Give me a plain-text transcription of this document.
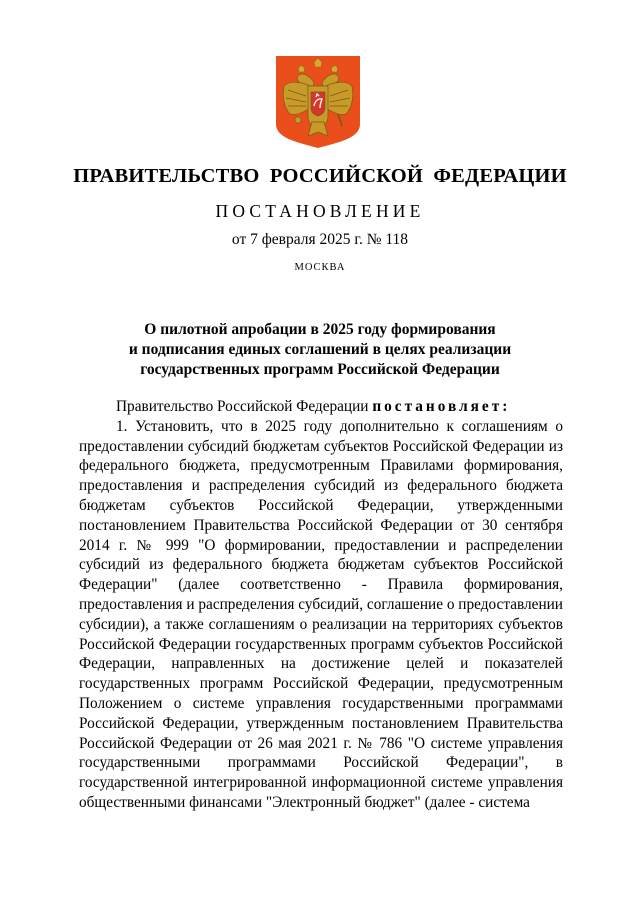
ПРАВИТЕЛЬСТВО РОССИЙСКОЙ ФЕДЕРАЦИИ
ПОСТАНОВЛЕНИЕ
от 7 февраля 2025 г. № 118
МОСКВА
О пилотной апробации в 2025 году формирования
и подписания единых соглашений в целях реализации
государственных программ Российской Федерации

Правительство Российской Федерации постановляет:

1. Установить, что в 2025 году дополнительно к соглашениям о предоставлении субсидий бюджетам субъектов Российской Федерации из федерального бюджета, предусмотренным Правилами формирования, предоставления и распределения субсидий из федерального бюджета бюджетам субъектов Российской Федерации, утвержденными постановлением Правительства Российской Федерации от 30 сентября 2014 г. № 999 "О формировании, предоставлении и распределении субсидий из федерального бюджета бюджетам субъектов Российской Федерации" (далее соответственно - Правила формирования, предоставления и распределения субсидий, соглашение о предоставлении субсидии), а также соглашениям о реализации на территориях субъектов Российской Федерации государственных программ субъектов Российской Федерации, направленных на достижение целей и показателей государственных программ Российской Федерации, предусмотренным Положением о системе управления государственными программами Российской Федерации, утвержденным постановлением Правительства Российской Федерации от 26 мая 2021 г. № 786 "О системе управления государственными программами Российской Федерации", в государственной интегрированной информационной системе управления общественными финансами "Электронный бюджет" (далее - система
